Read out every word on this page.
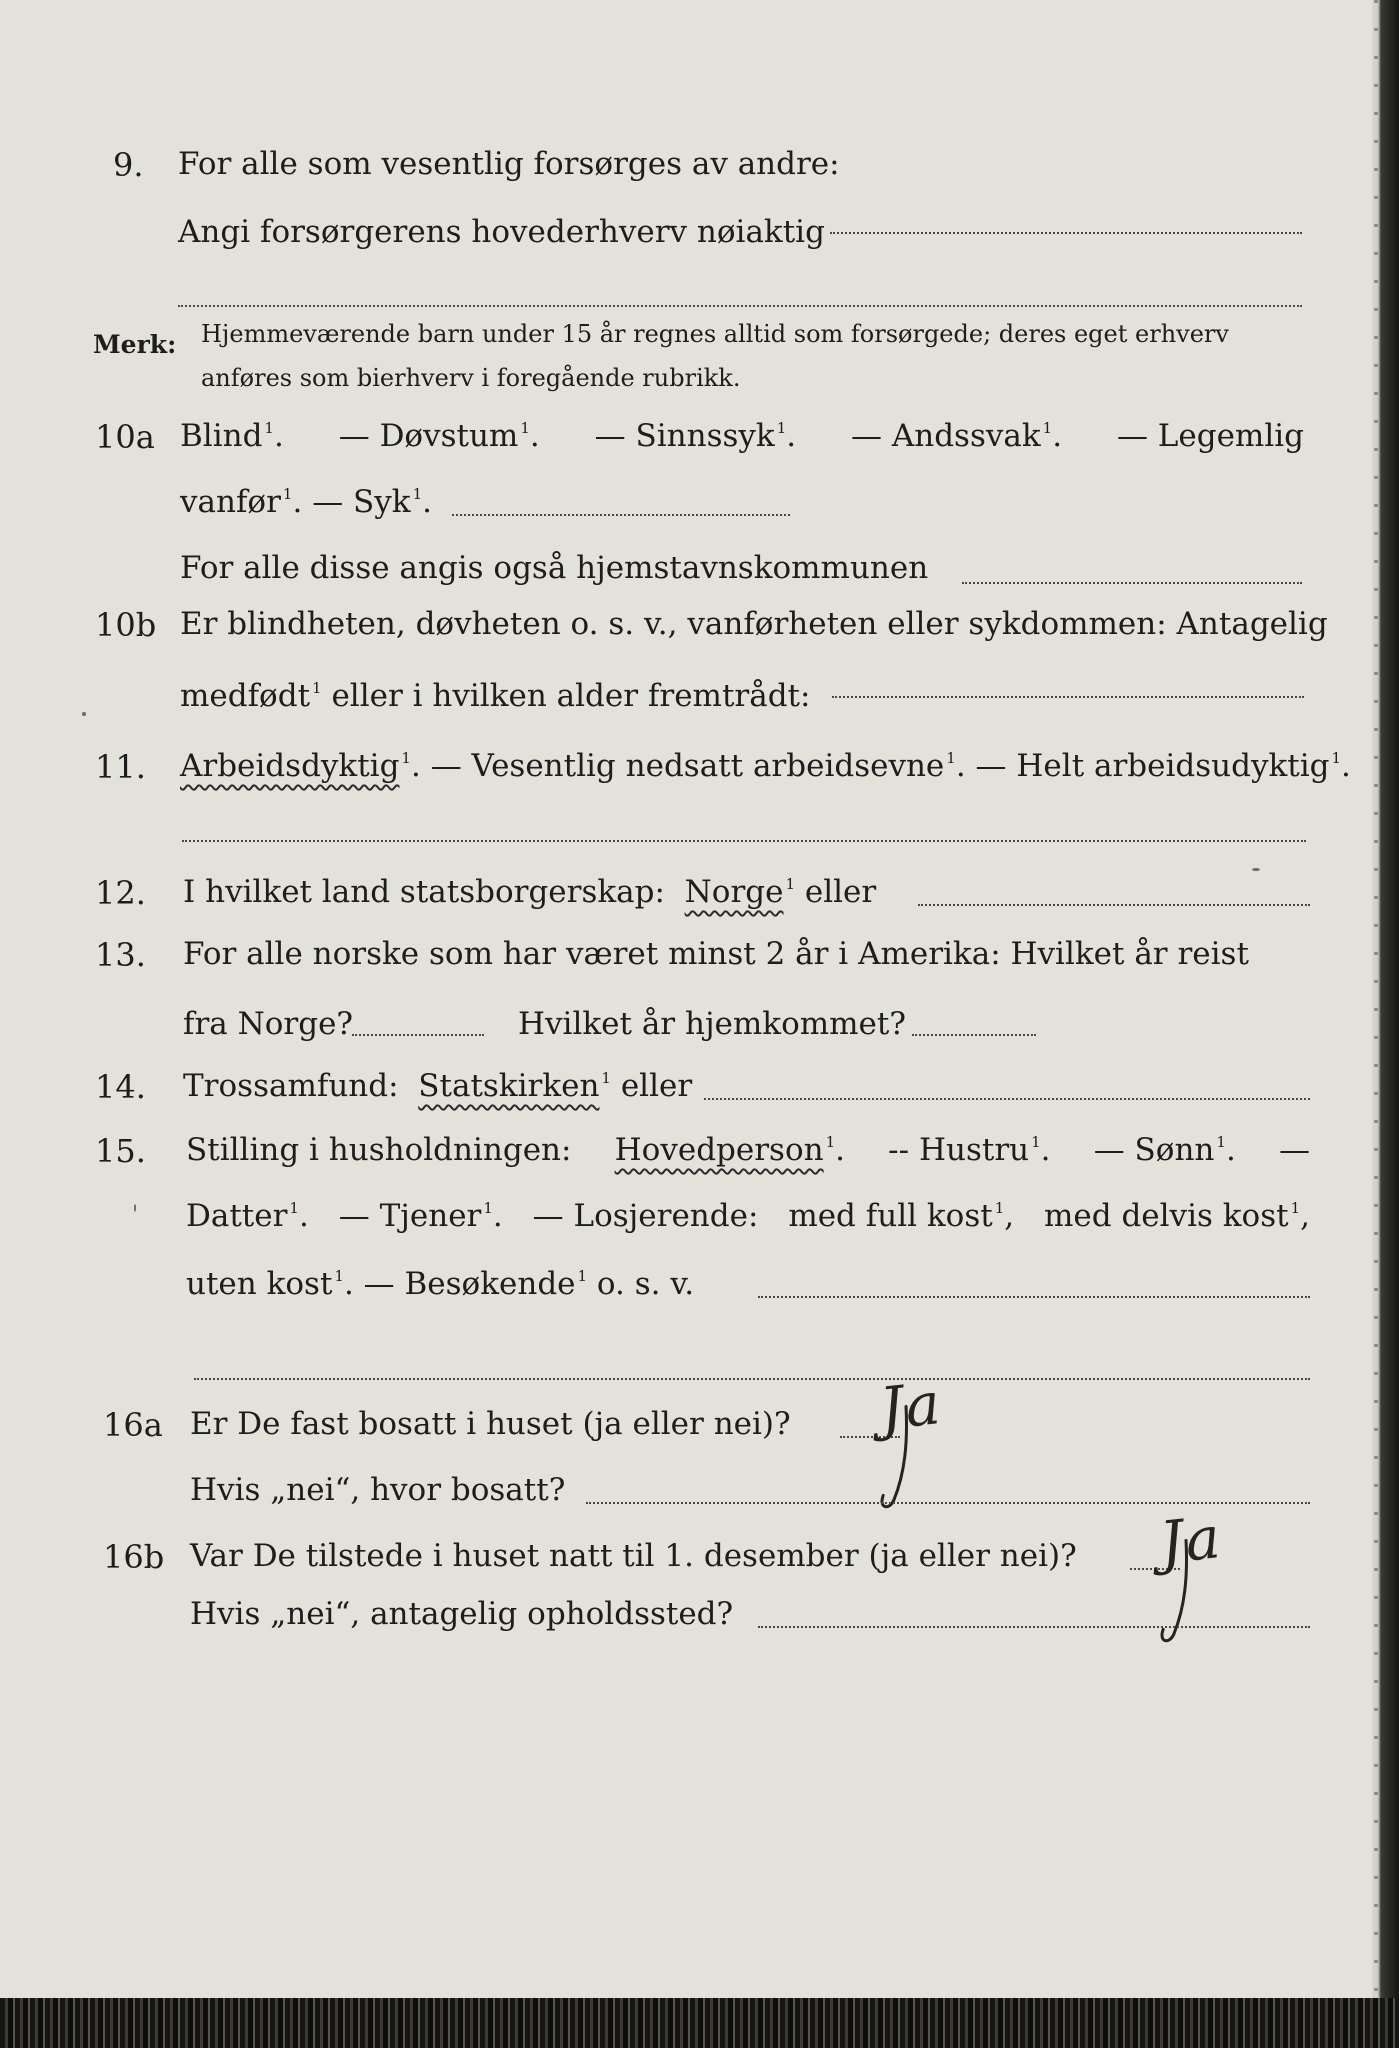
9. For alle som vesentlig forsørges av andre:
Angi forsørgerens hovederhverv nøiaktig
Merk: Hjemmeværende barn under 15 år regnes alltid som forsørgede; deres eget erhverv
anføres som bierhverv i foregående rubrikk.
10a Blind $^1$. — Døvstum $^1$. — Sinnssyk $^1$. — Andssvak $^1$. — Legemlig
vanfør $^1$. — Syk $^1$.
For alle disse angis også hjemstavnskommunen
10b Er blindheten, døvheten o. s. v., vanførheten eller sykdommen: Antagelig
medfødt $^1$ eller i hvilken alder fremtrådt:
11. Arbeidsdyktig $^1$. — Vesentlig nedsatt arbeidsevne $^1$. — Helt arbeidsudyktig $^1$.
12. I hvilket land statsborgerskap: Norge $^1$ eller
13. For alle norske som har været minst 2 år i Amerika: Hvilket år reist
fra Norge?	Hvilket år hjemkommet?
14. Trossamfund: Statskirken $^1$ eller
15. Stilling i husholdningen: Hovedperson $^1$. -- Hustru $^1$. — Sønn $^1$. —
Datter $^1$. — Tjener $^1$. — Losjerende: med full kost $^1$, med delvis kost $^1$,
uten kost $^1$. — Besøkende $^1$ o. s. v.
16a Er De fast bosatt i huset (ja eller nei)? Ja
Hvis „nei“, hvor bosatt?
16b Var De tilstede i huset natt til 1. desember (ja eller nei)? Ja
Hvis „nei“, antagelig opholdssted?
